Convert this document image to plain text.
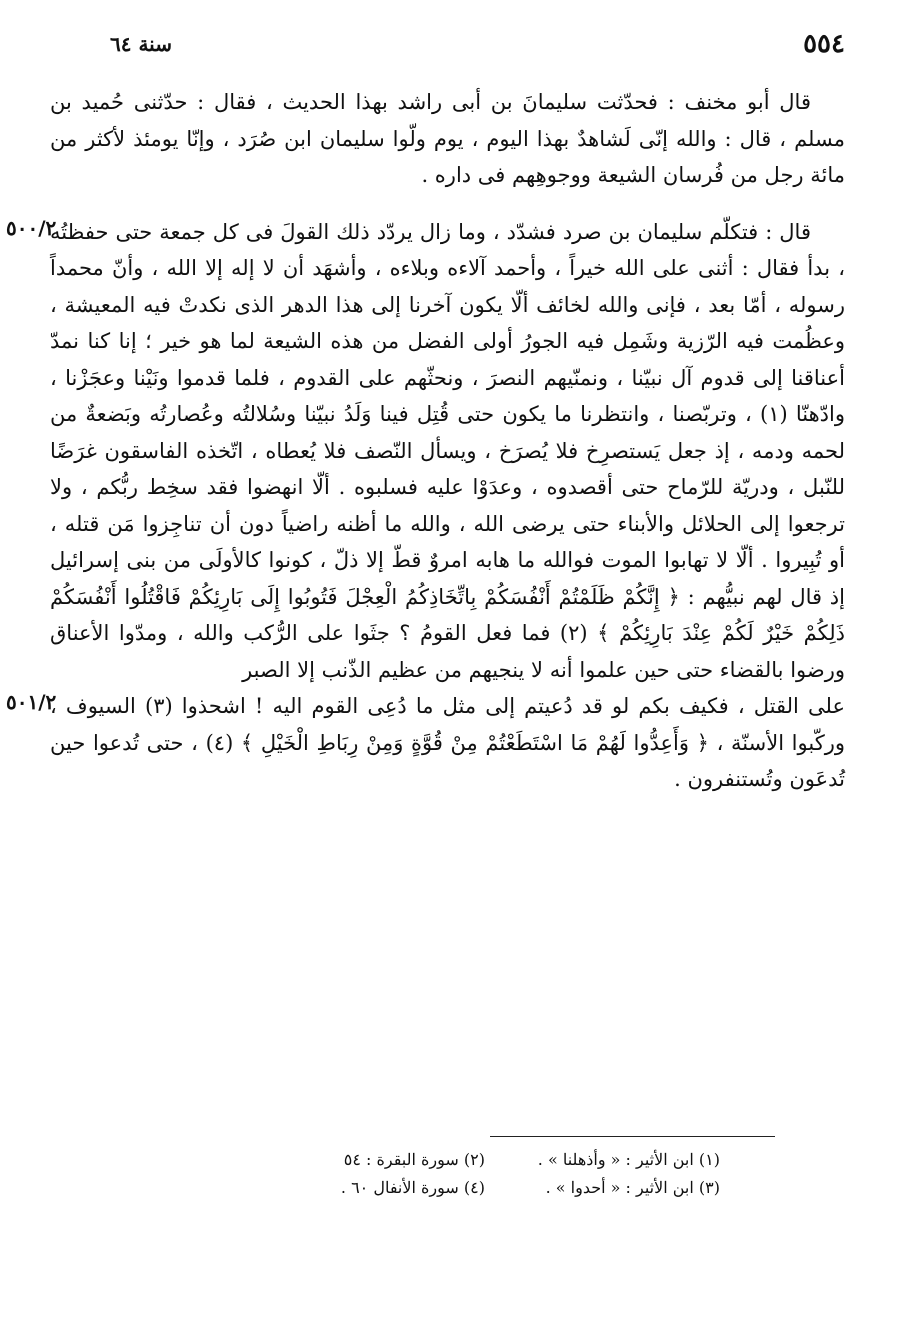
٥٥٤
سنة ٦٤

قال أبو مخنف : فحدّثت سليمانَ بن أبى راشد بهذا الحديث ، فقال : حدّثنى حُميد بن مسلم ، قال : والله إنّى لَشاهدٌ بهذا اليوم ، يوم ولّوا سليمان ابن صُرَد ، وإنّا يومئذ لأكثر من مائة رجل من فُرسان الشيعة ووجوهِهم فى داره .

٥٠٠/٢

قال : فتكلّم سليمان بن صرد فشدّد ، وما زال يردّد ذلك القولَ فى كل جمعة حتى حفظتُه ، بدأ فقال : أثنى على الله خيراً ، وأحمد آلاءه وبلاءه ، وأشهَد أن لا إله إلا الله ، وأنّ محمداً رسوله ، أمّا بعد ، فإنى والله لخائف ألّا يكون آخرنا إلى هذا الدهر الذى نكدتْ فيه المعيشة ، وعظُمت فيه الرّزية وشَمِل فيه الجورُ أولى الفضل من هذه الشيعة لما هو خير ؛ إنا كنا نمدّ أعناقنا إلى قدوم آل نبيّنا ، ونمنّيهم النصرَ ، ونحثّهم على القدوم ، فلما قدموا ونَيْنا وعجَزْنا ، وادّهنّا (١) ، وتربّصنا ، وانتظرنا ما يكون حتى قُتِل فينا وَلَدُ نبيّنا وسُلالتُه وعُصارتُه وبَضعةٌ من لحمه ودمه ، إذ جعل يَستصرِخ فلا يُصرَخ ، ويسأل النّصف فلا يُعطاه ، اتّخذه الفاسقون غرَضًا للنّبل ، ودريّة للرّماح حتى أقصدوه ، وعدَوْا عليه فسلبوه . ألّا انهضوا فقد سخِط ربُّكم ، ولا ترجعوا إلى الحلائل والأبناء حتى يرضى الله ، والله ما أظنه راضياً دون أن تناجِزوا مَن قتله ، أو تُبِيروا . ألّا لا تهابوا الموت فوالله ما هابه امروٌ قطّ إلا ذلّ ، كونوا كالأولَى من بنى إسرائيل إذ قال لهم نبيُّهم : ﴿ إِنَّكُمْ ظَلَمْتُمْ أَنْفُسَكُمْ بِاتِّخَاذِكُمُ الْعِجْلَ فَتُوبُوا إِلَى بَارِئِكُمْ فَاقْتُلُوا أَنْفُسَكُمْ ذَلِكُمْ خَيْرٌ لَكُمْ عِنْدَ بَارِئِكُمْ ﴾ (٢) فما فعل القومُ ؟ جثَوا على الرُّكب والله ، ومدّوا الأعناق ورضوا بالقضاء حتى حين علموا أنه لا ينجيهم من عظيم الذّنب إلا الصبر

٥٠١/٢

على القتل ، فكيف بكم لو قد دُعيتم إلى مثل ما دُعِى القوم اليه ! اشحذوا (٣) السيوف ، وركّبوا الأسنّة ، ﴿ وَأَعِدُّوا لَهُمْ مَا اسْتَطَعْتُمْ مِنْ قُوَّةٍ وَمِنْ رِبَاطِ الْخَيْلِ ﴾ (٤) ، حتى تُدعوا حين تُدعَون وتُستنفرون .

(١) ابن الأثير : « وأذهلنا » .
(٢) سورة البقرة : ٥٤
(٣) ابن الأثير : « أحدوا » .
(٤) سورة الأنفال ٦٠ .
